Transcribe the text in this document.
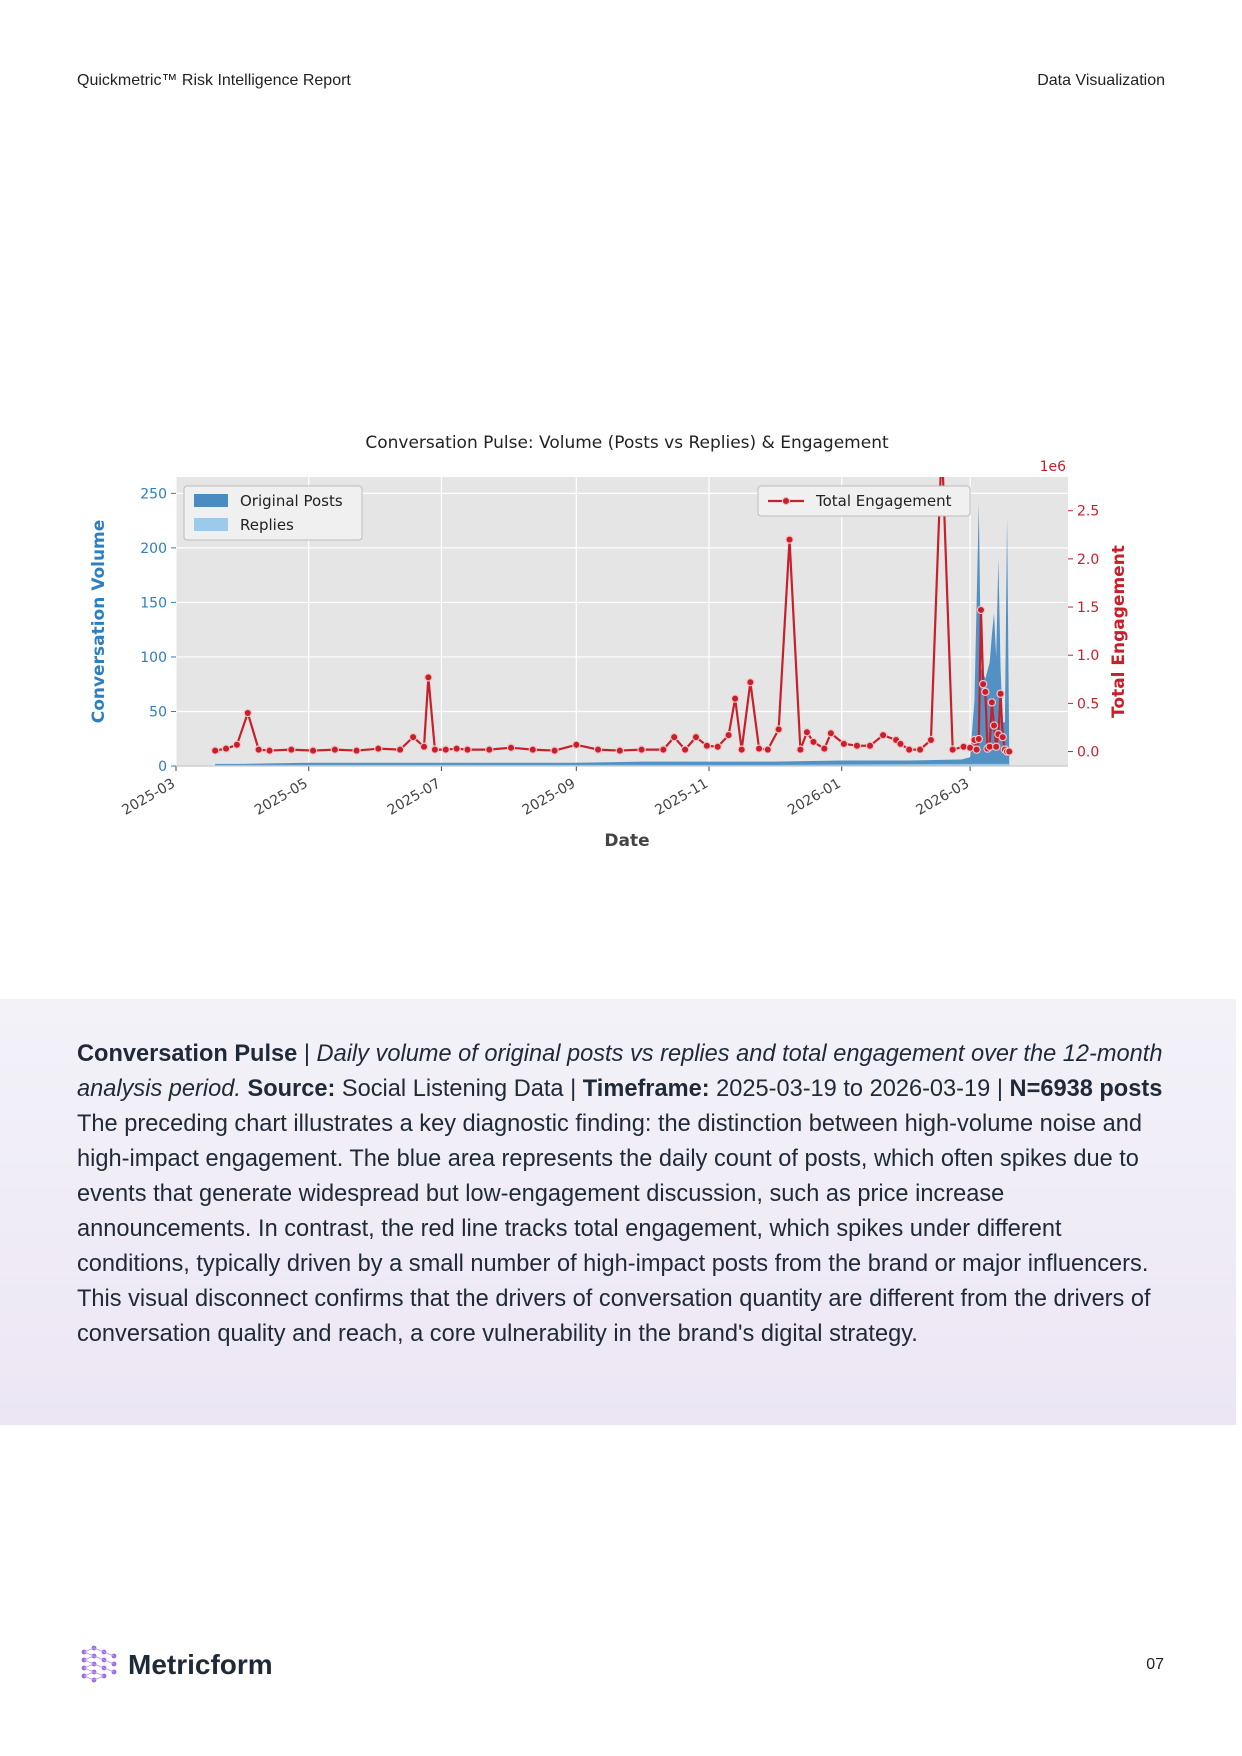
Quickmetric™ Risk Intelligence Report	Data Visualization
Conversation Pulse: Volume (Posts vs Replies) & Engagement
2025-03	2025-05	2025-07	2025-09	2025-11	2026-01	2026-03
0
50
100
150
200
250
0.0
0.5
1.0
1.5
2.0
2.5
1e6
Date
Conversation Volume	Total Engagement
Original Posts
Replies
Total Engagement
Conversation Pulse | Daily volume of original posts vs replies and total engagement over the 12-month analysis period. Source: Social Listening Data | Timeframe: 2025-03-19 to 2026-03-19 | N=6938 posts The preceding chart illustrates a key diagnostic finding: the distinction between high-volume noise and high-impact engagement. The blue area represents the daily count of posts, which often spikes due to events that generate widespread but low-engagement discussion, such as price increase announcements. In contrast, the red line tracks total engagement, which spikes under different conditions, typically driven by a small number of high-impact posts from the brand or major influencers. This visual disconnect confirms that the drivers of conversation quantity are different from the drivers of conversation quality and reach, a core vulnerability in the brand's digital strategy.
Metricform	07
